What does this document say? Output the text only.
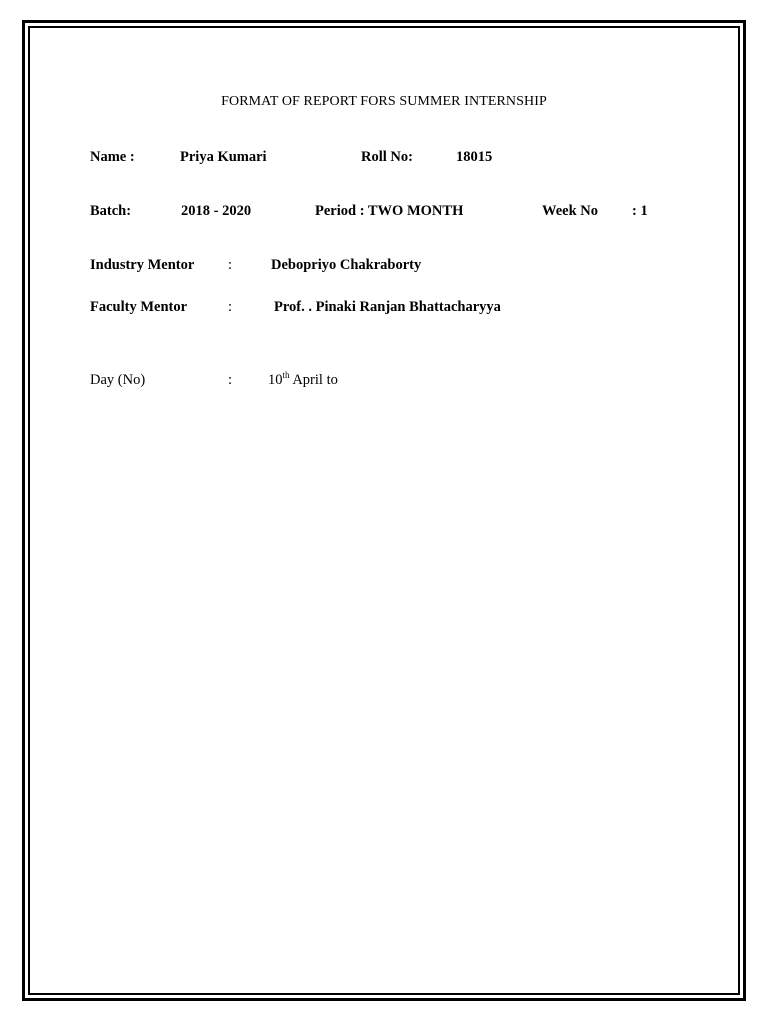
FORMAT OF REPORT FORS SUMMER INTERNSHIP
Name :	Priya Kumari	Roll No:	18015
Batch:	2018 - 2020	Period : TWO MONTH	Week No : 1
Industry Mentor :	Debopriyo Chakraborty
Faculty Mentor	:	Prof. . Pinaki Ranjan Bhattacharyya
Day (No)	: 10th April to
